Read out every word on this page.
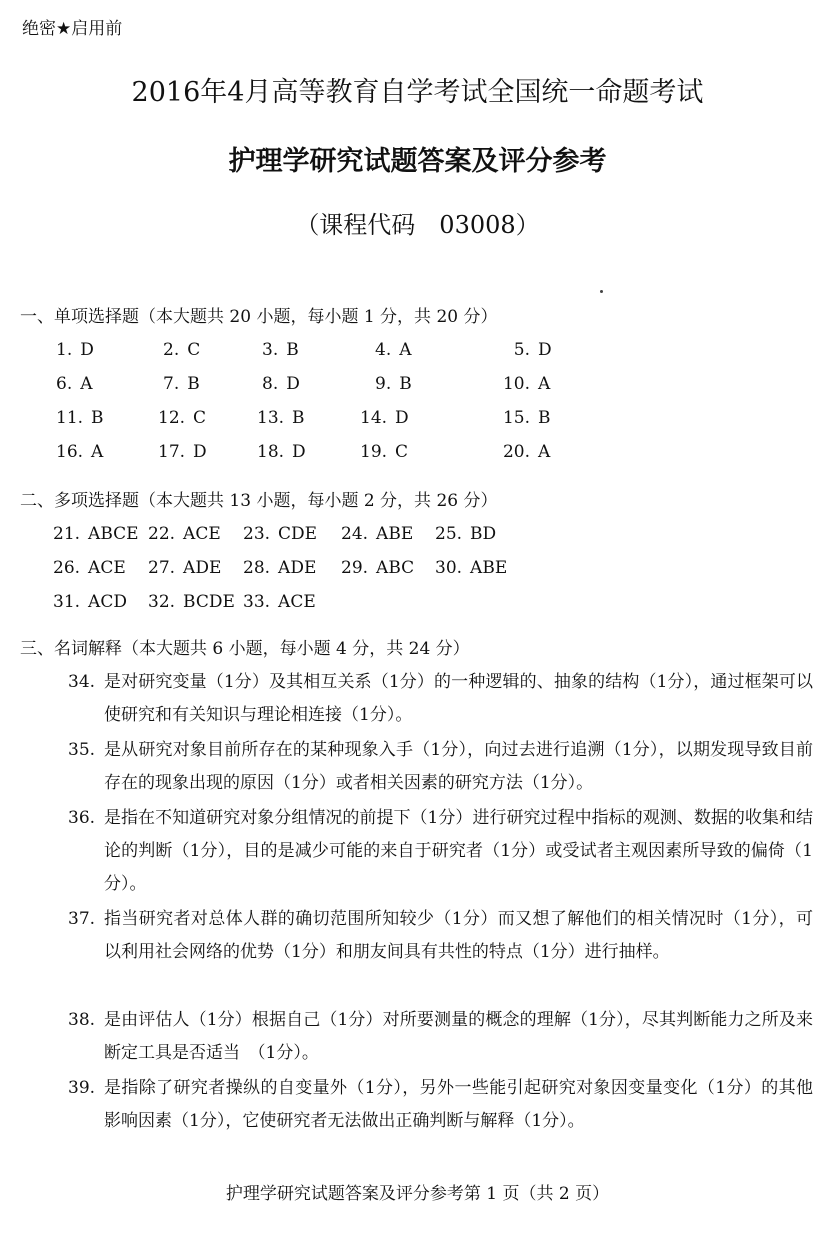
绝密★启用前
2016年4月高等教育自学考试全国统一命题考试
护理学研究试题答案及评分参考
（课程代码　03008）
一、单项选择题（本大题共 20 小题，每小题 1 分，共 20 分）
1. D	2. C	3. B	4. A	5. D
6. A	7. B	8. D	9. B	10. A
11. B	12. C	13. B	14. D	15. B
16. A	17. D	18. D	19. C	20. A
二、多项选择题（本大题共 13 小题，每小题 2 分，共 26 分）
21. ABCE 22. ACE 23. CDE 24. ABE 25. BD
26. ACE 27. ADE 28. ADE 29. ABC 30. ABE
31. ACD 32. BCDE 33. ACE
三、名词解释（本大题共 6 小题，每小题 4 分，共 24 分）
34. 是对研究变量（1分）及其相互关系（1分）的一种逻辑的、抽象的结构（1分），通过框架可以使研究和有关知识与理论相连接（1分）。
35. 是从研究对象目前所存在的某种现象入手（1分），向过去进行追溯（1分），以期发现导致目前存在的现象出现的原因（1分）或者相关因素的研究方法（1分）。
36. 是指在不知道研究对象分组情况的前提下（1分）进行研究过程中指标的观测、数据的收集和结论的判断（1分），目的是减少可能的来自于研究者（1分）或受试者主观因素所导致的偏倚（1分）。
37. 指当研究者对总体人群的确切范围所知较少（1分）而又想了解他们的相关情况时（1分），可以利用社会网络的优势（1分）和朋友间具有共性的特点（1分）进行抽样。
38. 是由评估人（1分）根据自己（1分）对所要测量的概念的理解（1分），尽其判断能力之所及来断定工具是否适当　（1分）。
39. 是指除了研究者操纵的自变量外（1分），另外一些能引起研究对象因变量变化（1分）的其他影响因素（1分），它使研究者无法做出正确判断与解释（1分）。
护理学研究试题答案及评分参考第 1 页（共 2 页）
